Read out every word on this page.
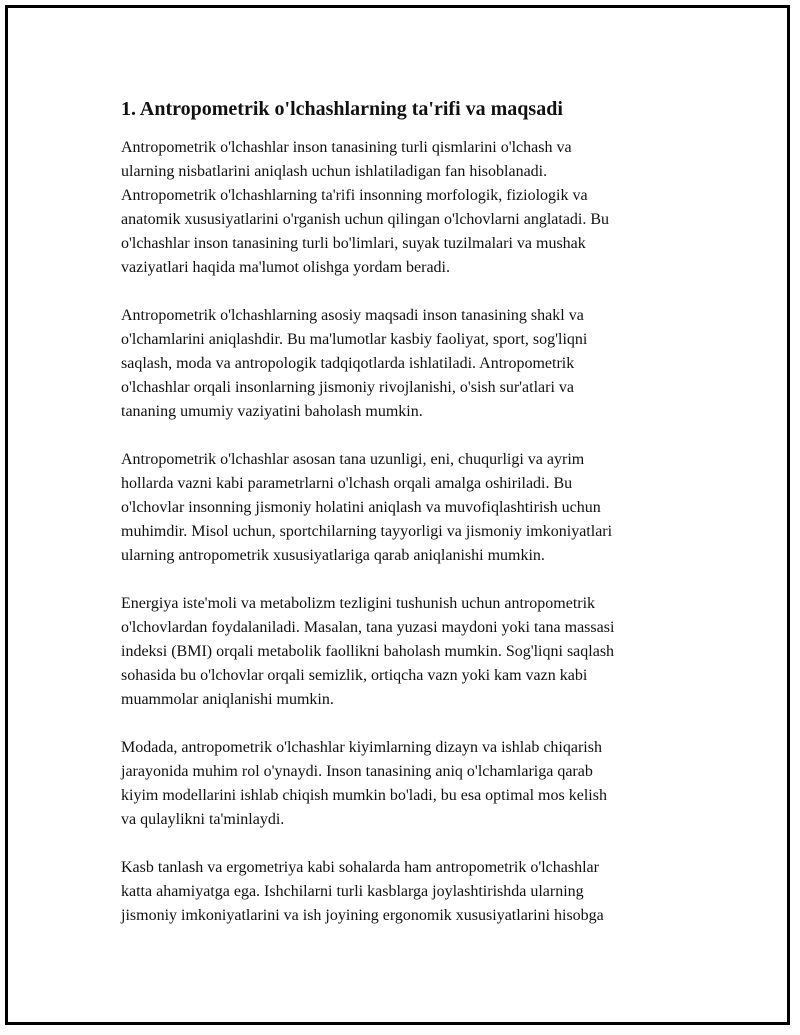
1. Antropometrik o'lchashlarning ta'rifi va maqsadi

Antropometrik o'lchashlar inson tanasining turli qismlarini o'lchash va
ularning nisbatlarini aniqlash uchun ishlatiladigan fan hisoblanadi.
Antropometrik o'lchashlarning ta'rifi insonning morfologik, fiziologik va
anatomik xususiyatlarini o'rganish uchun qilingan o'lchovlarni anglatadi. Bu
o'lchashlar inson tanasining turli bo'limlari, suyak tuzilmalari va mushak
vaziyatlari haqida ma'lumot olishga yordam beradi.

Antropometrik o'lchashlarning asosiy maqsadi inson tanasining shakl va
o'lchamlarini aniqlashdir. Bu ma'lumotlar kasbiy faoliyat, sport, sog'liqni
saqlash, moda va antropologik tadqiqotlarda ishlatiladi. Antropometrik
o'lchashlar orqali insonlarning jismoniy rivojlanishi, o'sish sur'atlari va
tananing umumiy vaziyatini baholash mumkin.

Antropometrik o'lchashlar asosan tana uzunligi, eni, chuqurligi va ayrim
hollarda vazni kabi parametrlarni o'lchash orqali amalga oshiriladi. Bu
o'lchovlar insonning jismoniy holatini aniqlash va muvofiqlashtirish uchun
muhimdir. Misol uchun, sportchilarning tayyorligi va jismoniy imkoniyatlari
ularning antropometrik xususiyatlariga qarab aniqlanishi mumkin.

Energiya iste'moli va metabolizm tezligini tushunish uchun antropometrik
o'lchovlardan foydalaniladi. Masalan, tana yuzasi maydoni yoki tana massasi
indeksi (BMI) orqali metabolik faollikni baholash mumkin. Sog'liqni saqlash
sohasida bu o'lchovlar orqali semizlik, ortiqcha vazn yoki kam vazn kabi
muammolar aniqlanishi mumkin.

Modada, antropometrik o'lchashlar kiyimlarning dizayn va ishlab chiqarish
jarayonida muhim rol o'ynaydi. Inson tanasining aniq o'lchamlariga qarab
kiyim modellarini ishlab chiqish mumkin bo'ladi, bu esa optimal mos kelish
va qulaylikni ta'minlaydi.

Kasb tanlash va ergometriya kabi sohalarda ham antropometrik o'lchashlar
katta ahamiyatga ega. Ishchilarni turli kasblarga joylashtirishda ularning
jismoniy imkoniyatlarini va ish joyining ergonomik xususiyatlarini hisobga
